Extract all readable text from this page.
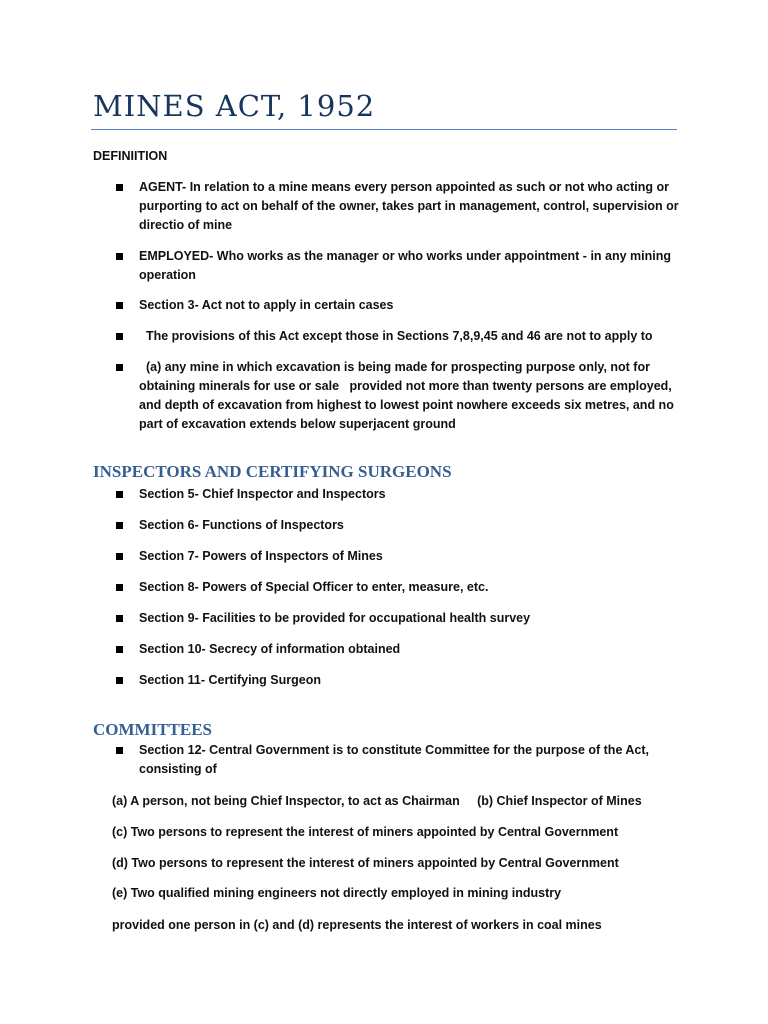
MINES ACT, 1952
DEFINIITION
AGENT- In relation to a mine means every person appointed as such or not who acting or purporting to act on behalf of the owner, takes part in management, control, supervision or directio of mine
EMPLOYED- Who works as the manager or who works under appointment - in any mining operation
Section 3- Act not to apply in certain cases
The provisions of this Act except those in Sections 7,8,9,45 and 46 are not to apply to
(a) any mine in which excavation is being made for prospecting purpose only, not for obtaining minerals for use or sale   provided not more than twenty persons are employed, and depth of excavation from highest to lowest point nowhere exceeds six metres, and no part of excavation extends below superjacent ground
INSPECTORS AND CERTIFYING SURGEONS
Section 5- Chief Inspector and Inspectors
Section 6- Functions of Inspectors
Section 7- Powers of Inspectors of Mines
Section 8- Powers of Special Officer to enter, measure, etc.
Section 9- Facilities to be provided for occupational health survey
Section 10- Secrecy of information obtained
Section 11- Certifying Surgeon
COMMITTEES
Section 12- Central Government is to constitute Committee for the purpose of the Act, consisting of
(a) A person, not being Chief Inspector, to act as Chairman     (b) Chief Inspector of Mines
(c) Two persons to represent the interest of miners appointed by Central Government
(d) Two persons to represent the interest of miners appointed by Central Government
(e) Two qualified mining engineers not directly employed in mining industry
provided one person in (c) and (d) represents the interest of workers in coal mines
